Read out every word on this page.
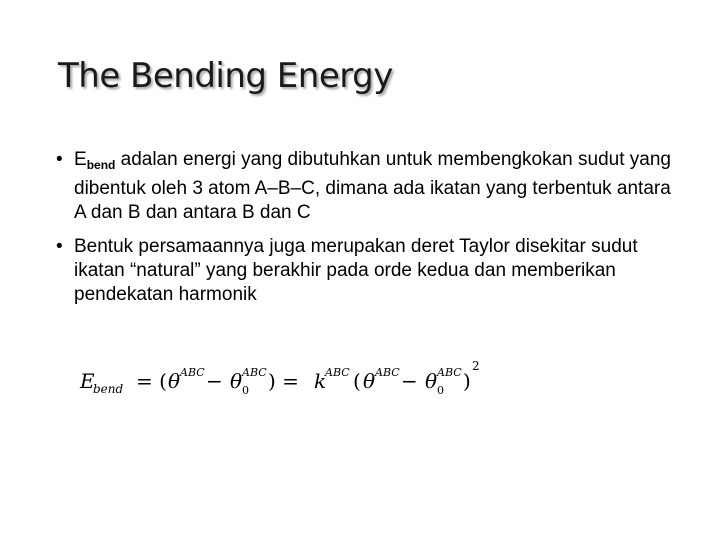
The Bending Energy
• $E_{bend}$ adalan energi yang dibutuhkan untuk membengkokan sudut yang dibentuk oleh 3 atom A–B–C, dimana ada ikatan yang terbentuk antara A dan B dan antara B dan C
• Bentuk persamaannya juga merupakan deret Taylor disekitar sudut ikatan “natural” yang berakhir pada orde kedua dan memberikan pendekatan harmonik
E
bend = ( θ ABC − θ 0
ABC ) = k
ABC ( θ ABC − θ 0
ABC )
2
